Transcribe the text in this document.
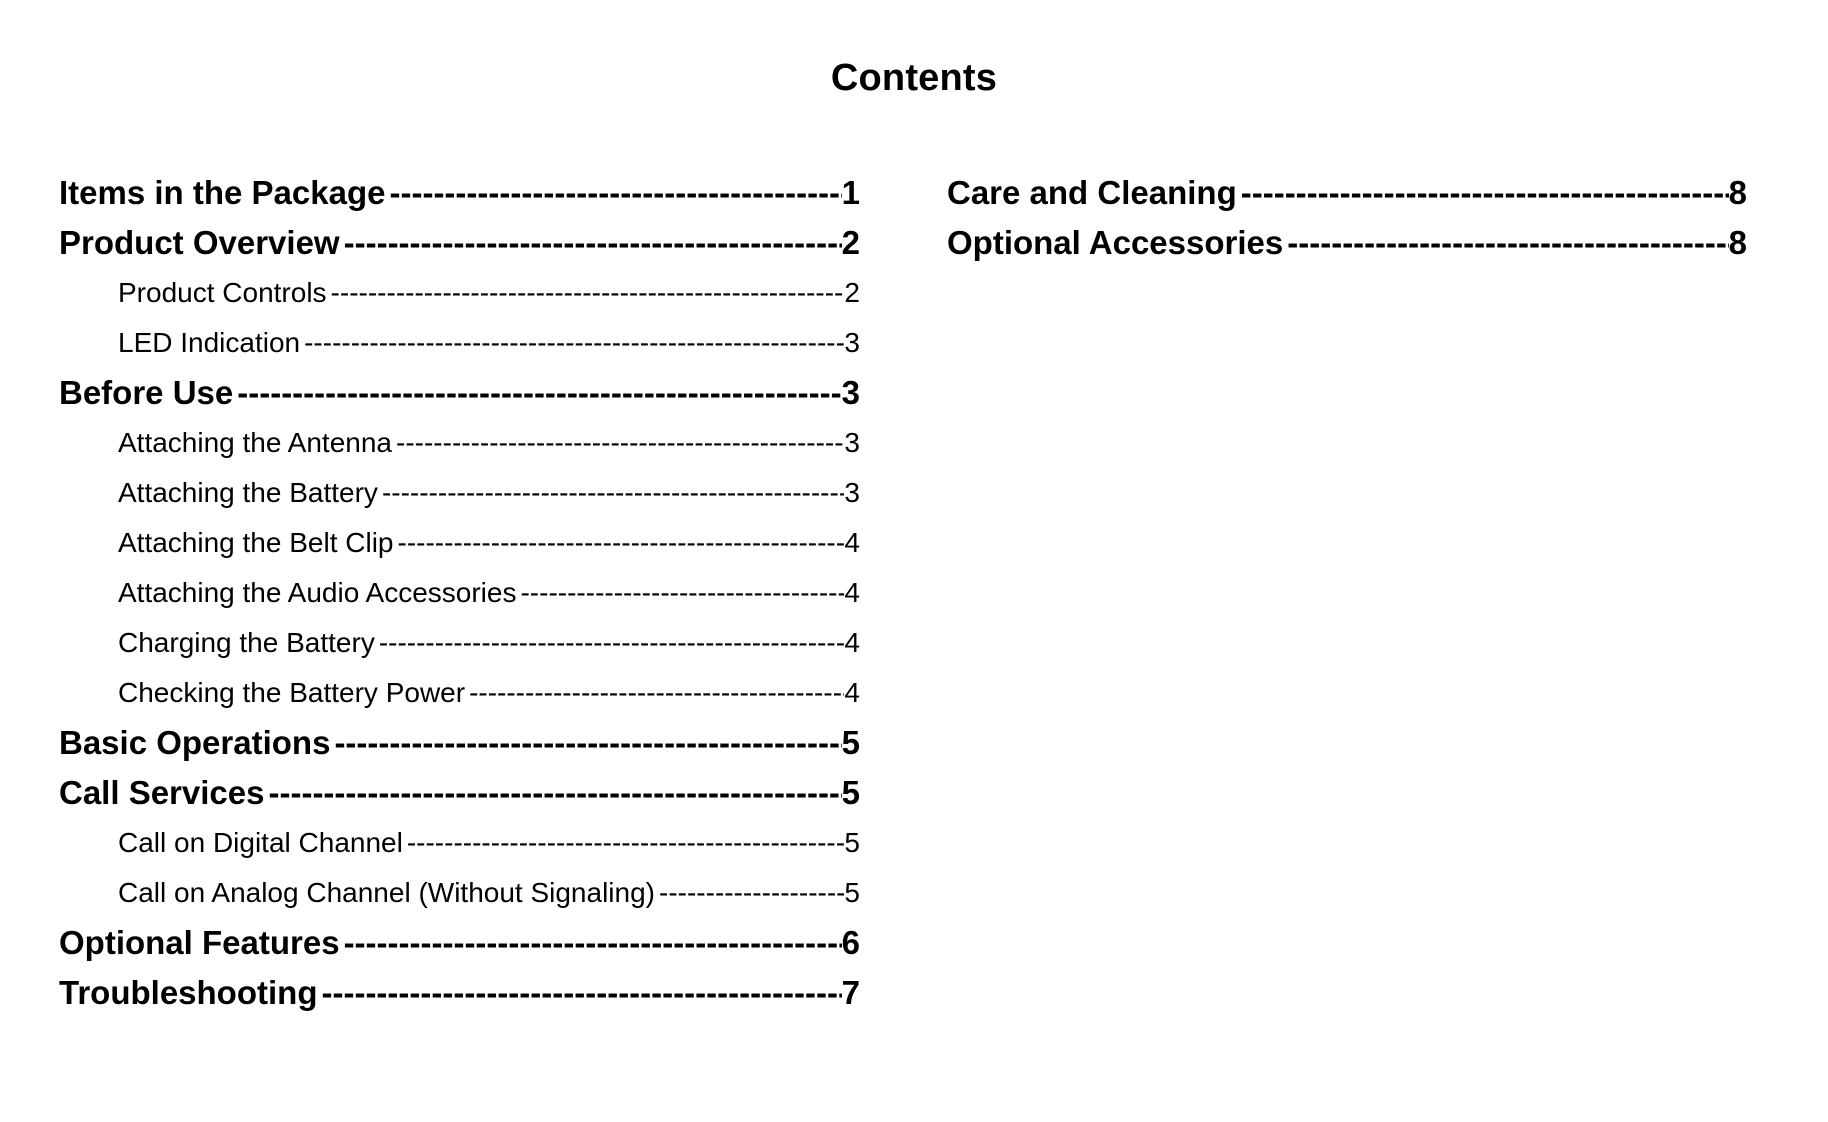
Contents
Items in the Package -----	1
Product Overview -----	2
Product Controls -----	2
LED Indication -----	3
Before Use -----	3
Attaching the Antenna -----	3
Attaching the Battery -----	3
Attaching the Belt Clip -----	4
Attaching the Audio Accessories -----	4
Charging the Battery -----	4
Checking the Battery Power -----	4
Basic Operations -----	5
Call Services -----	5
Call on Digital Channel -----	5
Call on Analog Channel (Without Signaling) -----	5
Optional Features -----	6
Troubleshooting -----	7
Care and Cleaning -----	8
Optional Accessories -----	8
